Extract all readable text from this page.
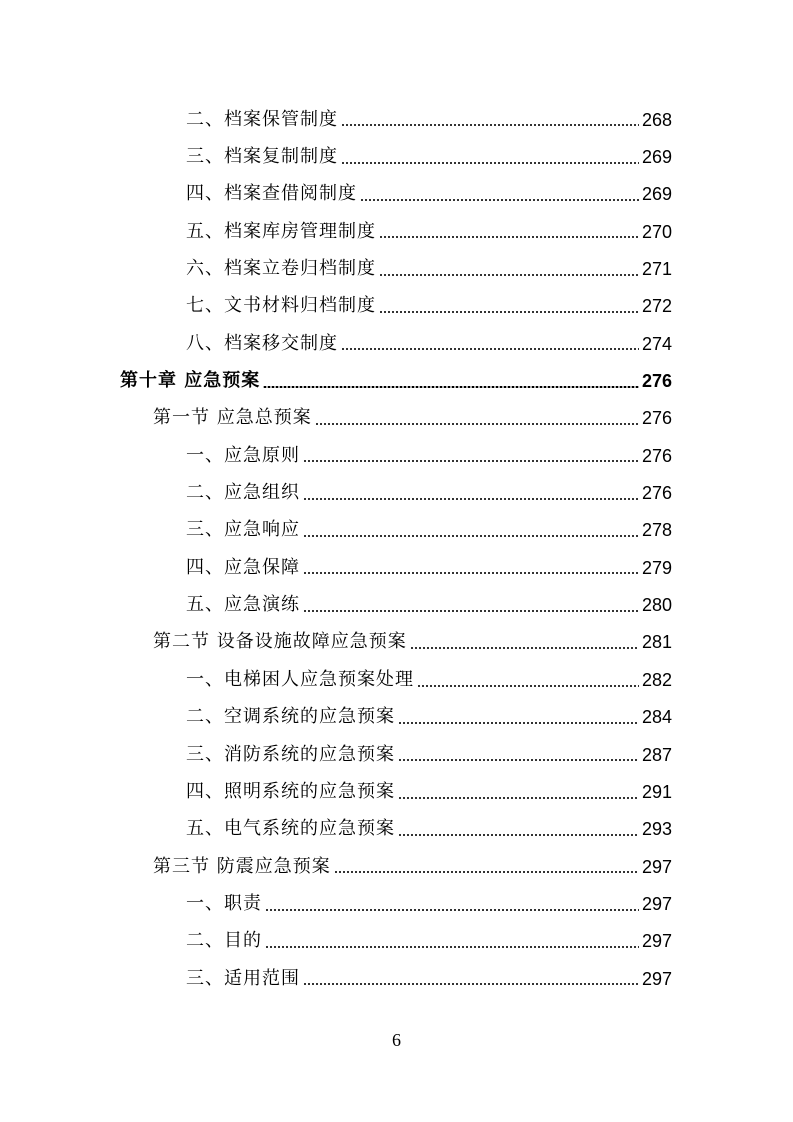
二、档案保管制度	268
三、档案复制制度	269
四、档案查借阅制度	269
五、档案库房管理制度	270
六、档案立卷归档制度	271
七、文书材料归档制度	272
八、档案移交制度	274
第十章 应急预案	276
第一节 应急总预案	276
一、应急原则	276
二、应急组织	276
三、应急响应	278
四、应急保障	279
五、应急演练	280
第二节 设备设施故障应急预案	281
一、电梯困人应急预案处理	282
二、空调系统的应急预案	284
三、消防系统的应急预案	287
四、照明系统的应急预案	291
五、电气系统的应急预案	293
第三节 防震应急预案	297
一、职责	297
二、目的	297
三、适用范围	297
6
